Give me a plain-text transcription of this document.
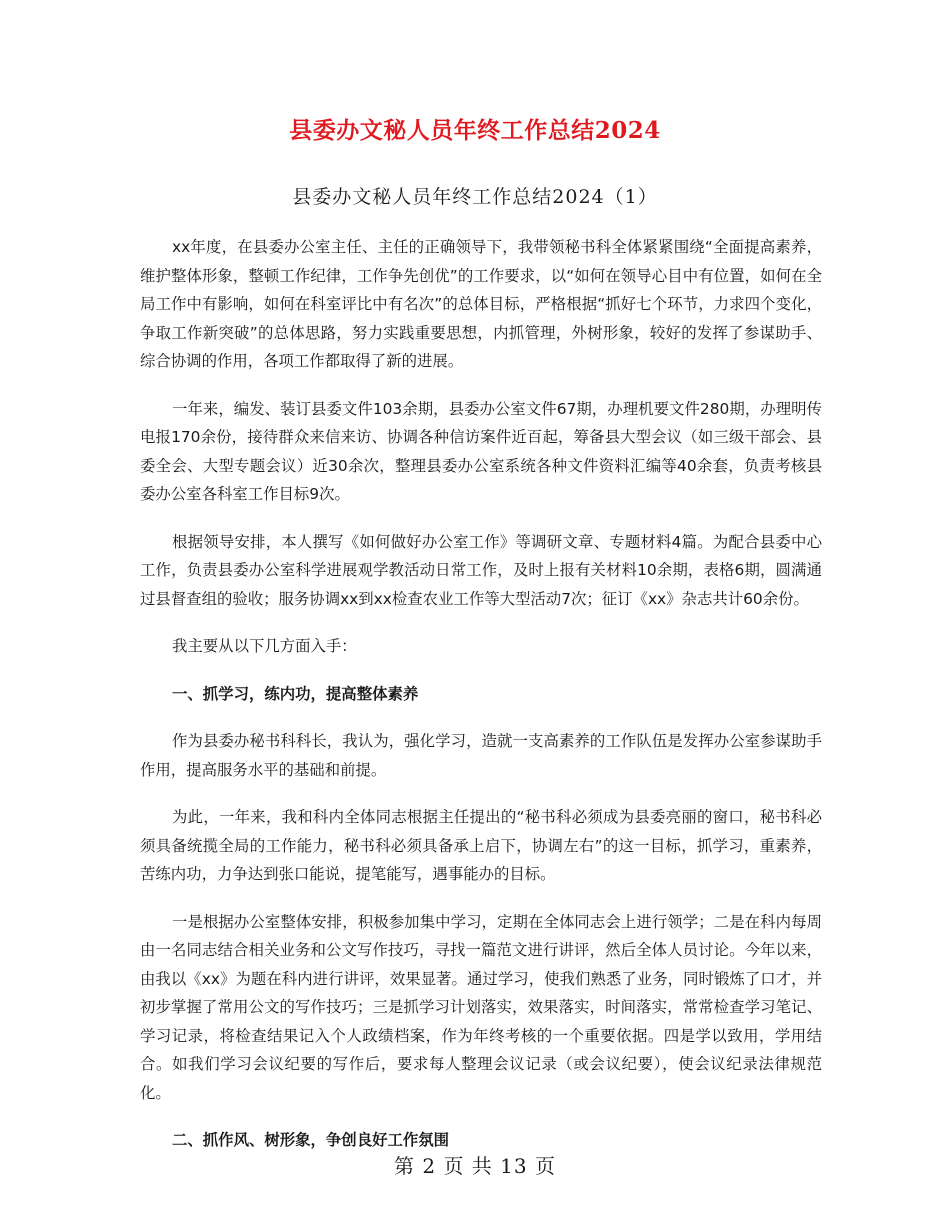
县委办文秘人员年终工作总结2024
县委办文秘人员年终工作总结2024（1）

xx年度，在县委办公室主任、主任的正确领导下，我带领秘书科全体紧紧围绕“全面提高素养，维护整体形象，整顿工作纪律，工作争先创优”的工作要求，以“如何在领导心目中有位置，如何在全局工作中有影响，如何在科室评比中有名次”的总体目标，严格根据“抓好七个环节，力求四个变化，争取工作新突破”的总体思路，努力实践重要思想，内抓管理，外树形象，较好的发挥了参谋助手、综合协调的作用，各项工作都取得了新的进展。

一年来，编发、装订县委文件103余期，县委办公室文件67期，办理机要文件280期，办理明传电报170余份，接待群众来信来访、协调各种信访案件近百起，筹备县大型会议（如三级干部会、县委全会、大型专题会议）近30余次，整理县委办公室系统各种文件资料汇编等40余套，负责考核县委办公室各科室工作目标9次。

根据领导安排，本人撰写《如何做好办公室工作》等调研文章、专题材料4篇。为配合县委中心工作，负责县委办公室科学进展观学教活动日常工作，及时上报有关材料10余期，表格6期，圆满通过县督查组的验收；服务协调xx到xx检查农业工作等大型活动7次；征订《xx》杂志共计60余份。

我主要从以下几方面入手：

一、抓学习，练内功，提高整体素养

作为县委办秘书科科长，我认为，强化学习，造就一支高素养的工作队伍是发挥办公室参谋助手作用，提高服务水平的基础和前提。

为此，一年来，我和科内全体同志根据主任提出的“秘书科必须成为县委亮丽的窗口，秘书科必须具备统揽全局的工作能力，秘书科必须具备承上启下，协调左右”的这一目标，抓学习，重素养，苦练内功，力争达到张口能说，提笔能写，遇事能办的目标。

一是根据办公室整体安排，积极参加集中学习，定期在全体同志会上进行领学；二是在科内每周由一名同志结合相关业务和公文写作技巧，寻找一篇范文进行讲评，然后全体人员讨论。今年以来，由我以《xx》为题在科内进行讲评，效果显著。通过学习，使我们熟悉了业务，同时锻炼了口才，并初步掌握了常用公文的写作技巧；三是抓学习计划落实，效果落实，时间落实，常常检查学习笔记、学习记录，将检查结果记入个人政绩档案，作为年终考核的一个重要依据。四是学以致用，学用结合。如我们学习会议纪要的写作后，要求每人整理会议记录（或会议纪要），使会议纪录法律规范化。

二、抓作风、树形象，争创良好工作氛围

第 2 页 共 13 页
